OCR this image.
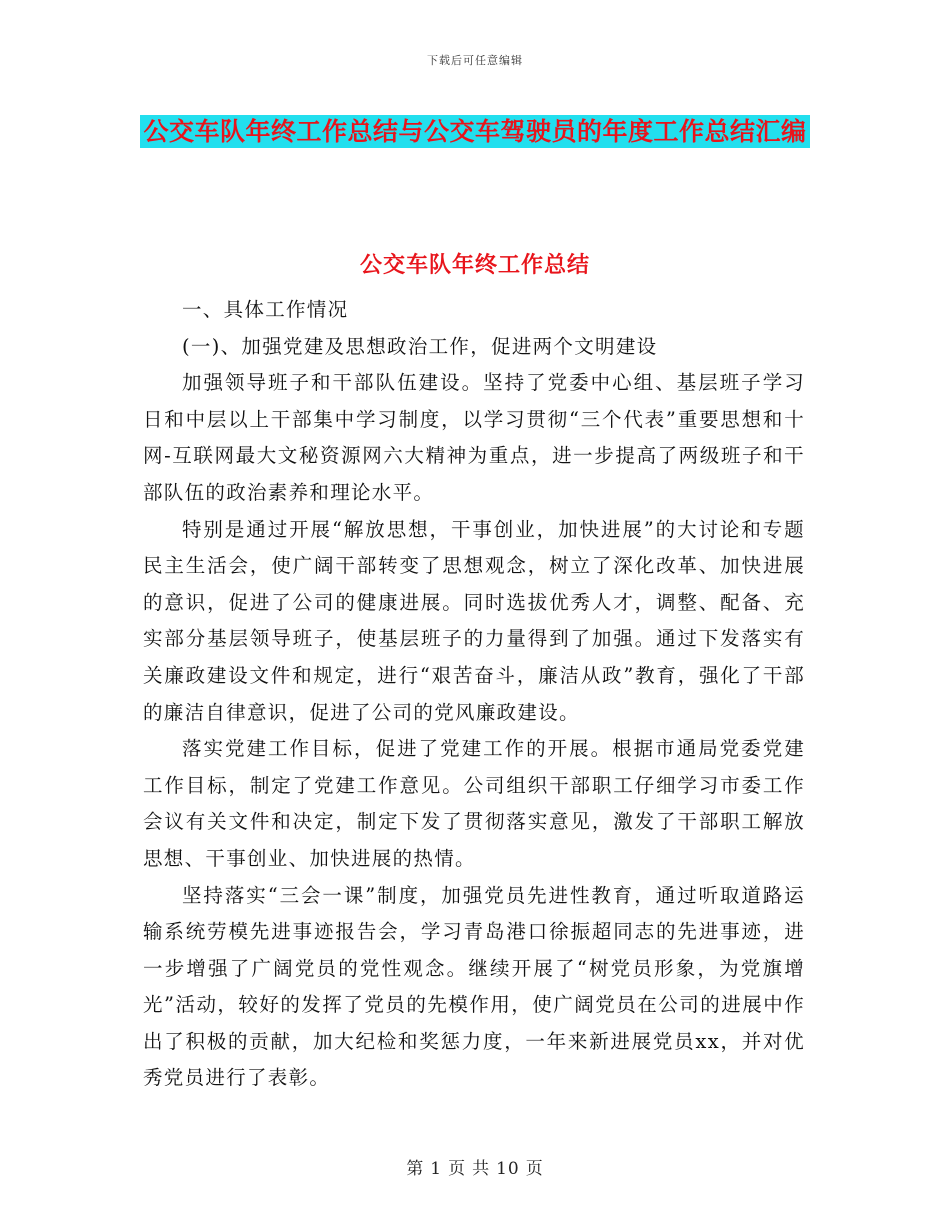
下载后可任意编辑
公交车队年终工作总结与公交车驾驶员的年度工作总结汇编
公交车队年终工作总结

一、具体工作情况

(一)、加强党建及思想政治工作，促进两个文明建设

加强领导班子和干部队伍建设。坚持了党委中心组、基层班子学习日和中层以上干部集中学习制度，以学习贯彻“三个代表”重要思想和十网-互联网最大文秘资源网六大精神为重点，进一步提高了两级班子和干部队伍的政治素养和理论水平。

特别是通过开展“解放思想，干事创业，加快进展”的大讨论和专题民主生活会，使广阔干部转变了思想观念，树立了深化改革、加快进展的意识，促进了公司的健康进展。同时选拔优秀人才，调整、配备、充实部分基层领导班子，使基层班子的力量得到了加强。通过下发落实有关廉政建设文件和规定，进行“艰苦奋斗，廉洁从政”教育，强化了干部的廉洁自律意识，促进了公司的党风廉政建设。

落实党建工作目标，促进了党建工作的开展。根据市通局党委党建工作目标，制定了党建工作意见。公司组织干部职工仔细学习市委工作会议有关文件和决定，制定下发了贯彻落实意见，激发了干部职工解放思想、干事创业、加快进展的热情。

坚持落实“三会一课”制度，加强党员先进性教育，通过听取道路运输系统劳模先进事迹报告会，学习青岛港口徐振超同志的先进事迹，进一步增强了广阔党员的党性观念。继续开展了“树党员形象，为党旗增光”活动，较好的发挥了党员的先模作用，使广阔党员在公司的进展中作出了积极的贡献，加大纪检和奖惩力度，一年来新进展党员xx，并对优秀党员进行了表彰。

第 1 页 共 10 页
